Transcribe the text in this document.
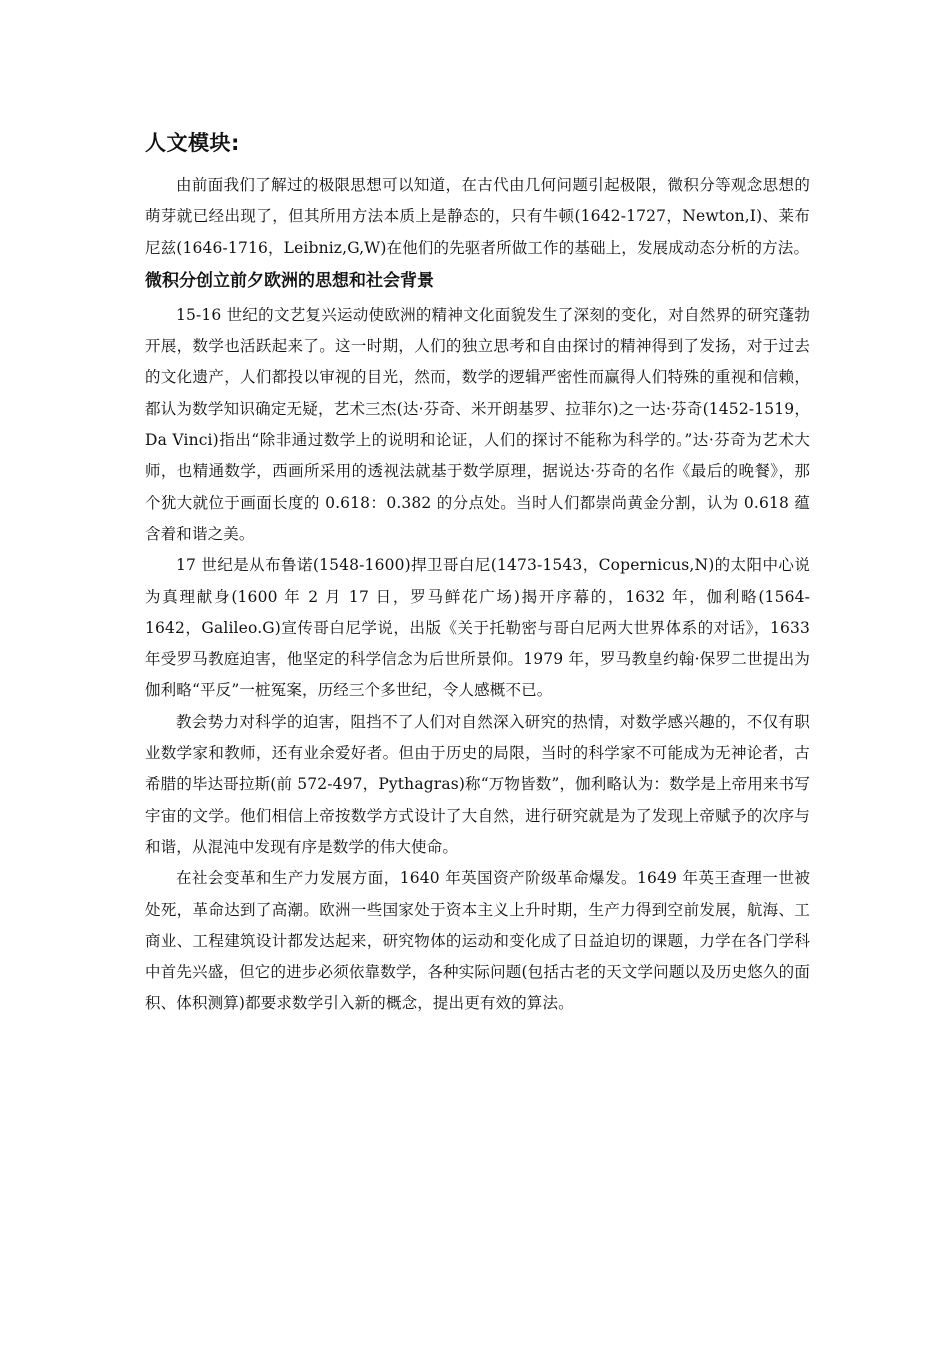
人文模块:

由前面我们了解过的极限思想可以知道，在古代由几何问题引起极限，微积分等观念思想的萌芽就已经出现了，但其所用方法本质上是静态的，只有牛顿(1642-1727，Newton,I)、莱布尼兹(1646-1716，Leibniz,G,W)在他们的先驱者所做工作的基础上，发展成动态分析的方法。

微积分创立前夕欧洲的思想和社会背景

15-16 世纪的文艺复兴运动使欧洲的精神文化面貌发生了深刻的变化，对自然界的研究蓬勃开展，数学也活跃起来了。这一时期，人们的独立思考和自由探讨的精神得到了发扬，对于过去的文化遗产，人们都投以审视的目光，然而，数学的逻辑严密性而赢得人们特殊的重视和信赖，都认为数学知识确定无疑，艺术三杰(达·芬奇、米开朗基罗、拉菲尔)之一达·芬奇(1452-1519，Da Vinci)指出“除非通过数学上的说明和论证，人们的探讨不能称为科学的。”达·芬奇为艺术大师，也精通数学，西画所采用的透视法就基于数学原理，据说达·芬奇的名作《最后的晚餐》，那个犹大就位于画面长度的 0.618：0.382 的分点处。当时人们都崇尚黄金分割，认为 0.618 蕴含着和谐之美。

17 世纪是从布鲁诺(1548-1600)捍卫哥白尼(1473-1543，Copernicus,N)的太阳中心说为真理献身(1600 年 2 月 17 日，罗马鲜花广场)揭开序幕的，1632 年，伽利略(1564-1642，Galileo.G)宣传哥白尼学说，出版《关于托勒密与哥白尼两大世界体系的对话》，1633 年受罗马教庭迫害，他坚定的科学信念为后世所景仰。1979 年，罗马教皇约翰·保罗二世提出为伽利略“平反”一桩冤案，历经三个多世纪，令人感概不已。

教会势力对科学的迫害，阻挡不了人们对自然深入研究的热情，对数学感兴趣的，不仅有职业数学家和教师，还有业余爱好者。但由于历史的局限，当时的科学家不可能成为无神论者，古希腊的毕达哥拉斯(前 572-497，Pythagras)称“万物皆数”，伽利略认为：数学是上帝用来书写宇宙的文学。他们相信上帝按数学方式设计了大自然，进行研究就是为了发现上帝赋予的次序与和谐，从混沌中发现有序是数学的伟大使命。

在社会变革和生产力发展方面，1640 年英国资产阶级革命爆发。1649 年英王查理一世被处死，革命达到了高潮。欧洲一些国家处于资本主义上升时期，生产力得到空前发展，航海、工商业、工程建筑设计都发达起来，研究物体的运动和变化成了日益迫切的课题，力学在各门学科中首先兴盛，但它的进步必须依靠数学，各种实际问题(包括古老的天文学问题以及历史悠久的面积、体积测算)都要求数学引入新的概念，提出更有效的算法。
